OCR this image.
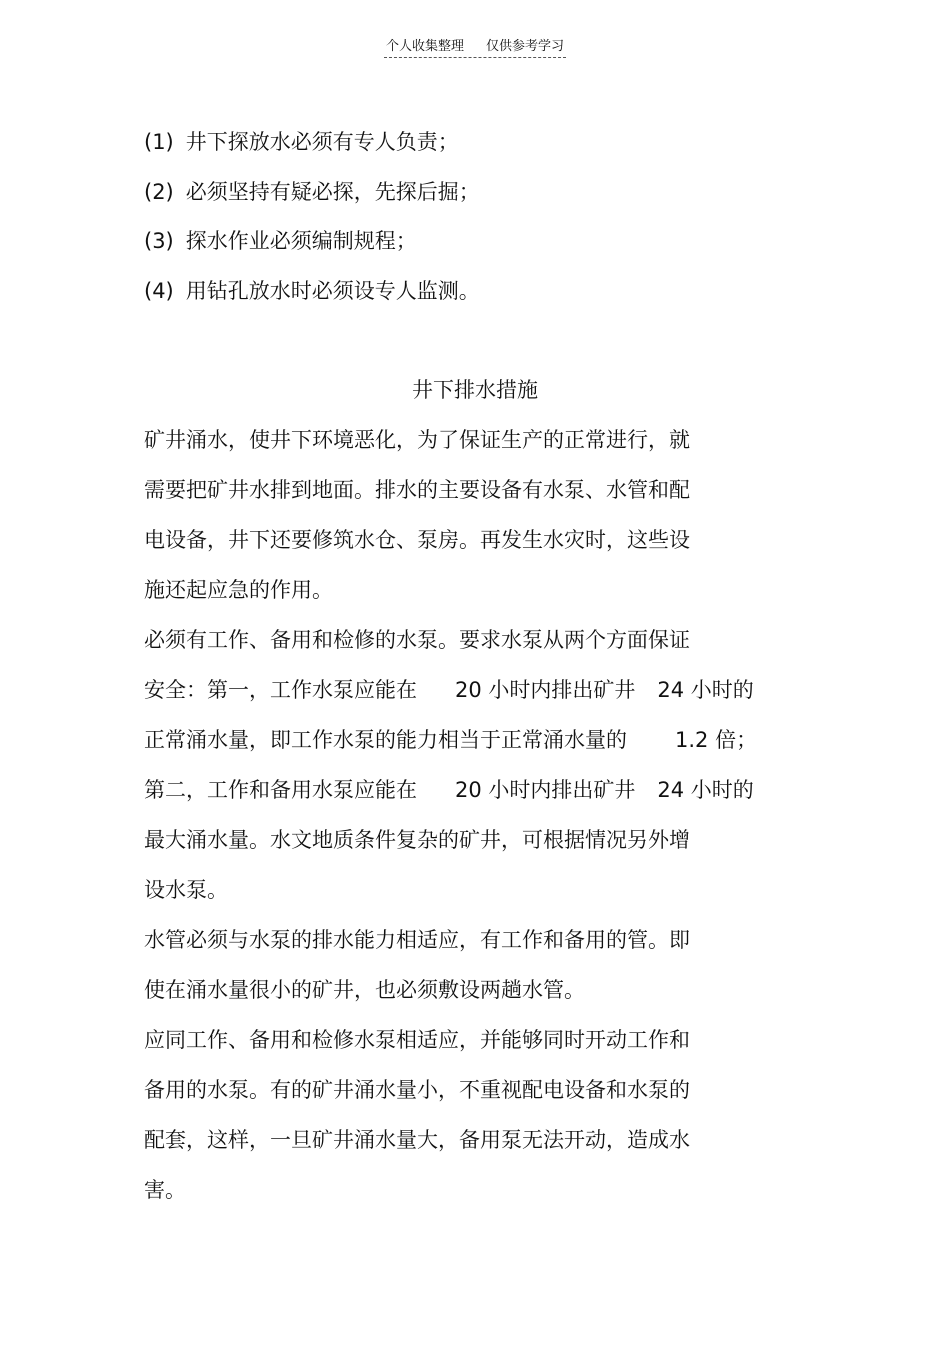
个人收集整理 仅供参考学习
(1) 井下探放水必须有专人负责；
(2) 必须坚持有疑必探，先探后掘；
(3) 探水作业必须编制规程；
(4) 用钻孔放水时必须设专人监测。
井下排水措施
矿井涌水，使井下环境恶化，为了保证生产的正常进行，就
需要把矿井水排到地面。排水的主要设备有水泵、水管和配
电设备，井下还要修筑水仓、泵房。再发生水灾时，这些设
施还起应急的作用。
必须有工作、备用和检修的水泵。要求水泵从两个方面保证
安全：第一，工作水泵应能在 20 小时内排出矿井 24 小时的
正常涌水量，即工作水泵的能力相当于正常涌水量的 1.2 倍；
第二，工作和备用水泵应能在 20 小时内排出矿井 24 小时的
最大涌水量。水文地质条件复杂的矿井，可根据情况另外增
设水泵。
水管必须与水泵的排水能力相适应，有工作和备用的管。即
使在涌水量很小的矿井，也必须敷设两趟水管。
应同工作、备用和检修水泵相适应，并能够同时开动工作和
备用的水泵。有的矿井涌水量小，不重视配电设备和水泵的
配套，这样，一旦矿井涌水量大，备用泵无法开动，造成水
害。
